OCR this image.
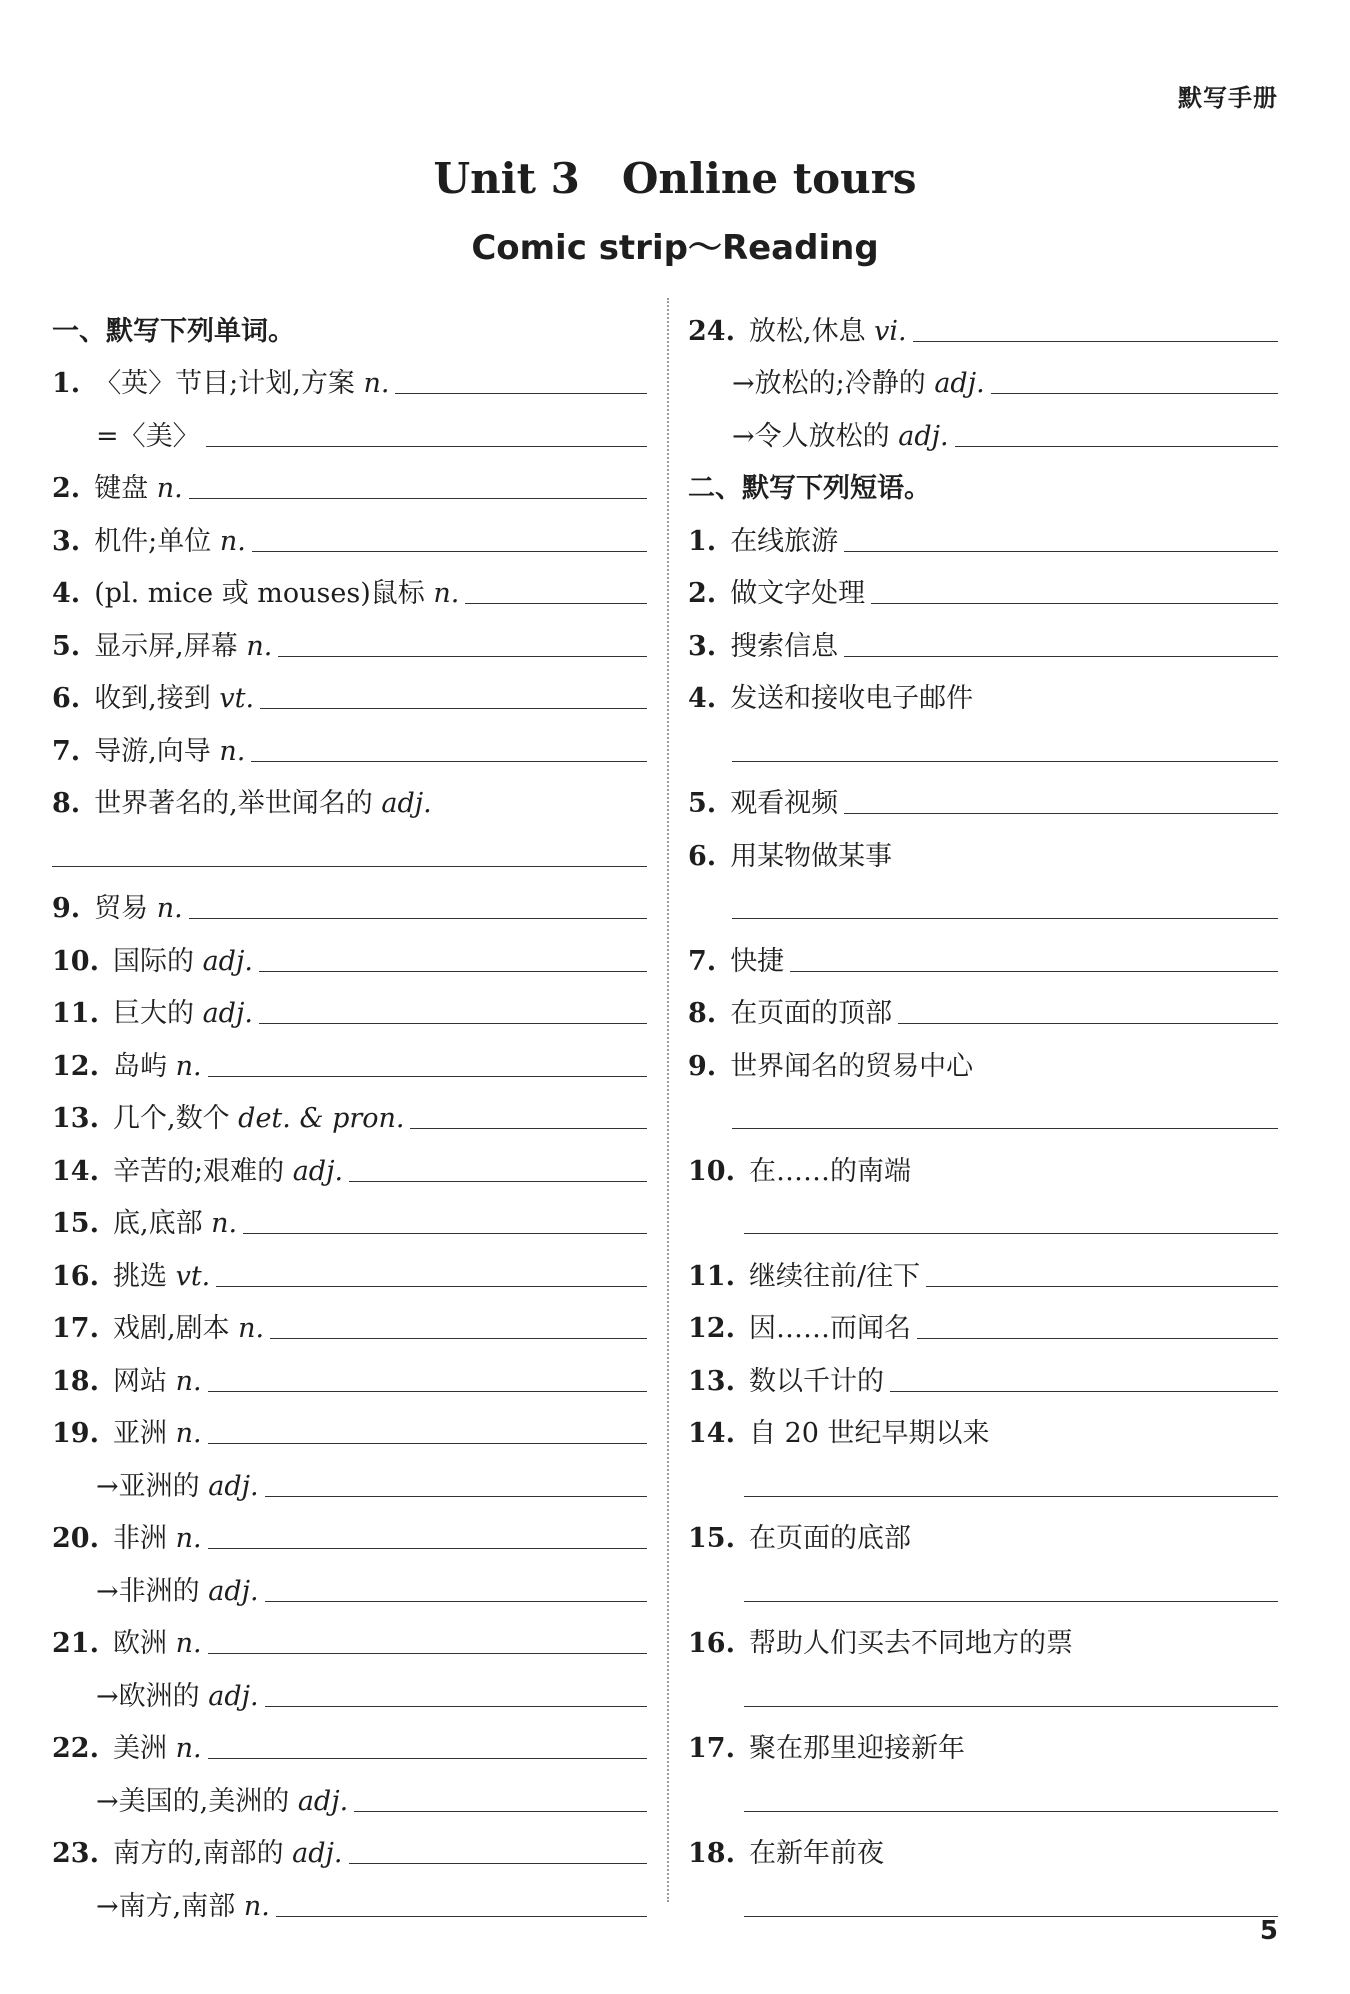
默写手册
Unit 3　Online tours
Comic strip～Reading
一、默写下列单词。
1. 〈英〉节目;计划,方案
n.
=〈美〉
2. 键盘
n.
3. 机件;单位
n.
4. (pl. mice 或 mouses)鼠标
n.
5. 显示屏,屏幕
n.
6. 收到,接到
vt.
7. 导游,向导
n.
8. 世界著名的,举世闻名的
adj.
9. 贸易
n.
10. 国际的
adj.
11. 巨大的
adj.
12. 岛屿
n.
13. 几个,数个
det. & pron.
14. 辛苦的;艰难的
adj.
15. 底,底部
n.
16. 挑选
vt.
17. 戏剧,剧本
n.
18. 网站
n.
19. 亚洲
n.
→亚洲的
adj.
20. 非洲
n.
→非洲的
adj.
21. 欧洲
n.
→欧洲的
adj.
22. 美洲
n.
→美国的,美洲的
adj.
23. 南方的,南部的
adj.
→南方,南部
n.
24. 放松,休息
vi.
→放松的;冷静的
adj.
→令人放松的
adj.
二、默写下列短语。
1. 在线旅游
2. 做文字处理
3. 搜索信息
4. 发送和接收电子邮件
5. 观看视频
6. 用某物做某事
7. 快捷
8. 在页面的顶部
9. 世界闻名的贸易中心
10. 在……的南端
11. 继续往前/往下
12. 因……而闻名
13. 数以千计的
14. 自 20 世纪早期以来
15. 在页面的底部
16. 帮助人们买去不同地方的票
17. 聚在那里迎接新年
18. 在新年前夜
5
